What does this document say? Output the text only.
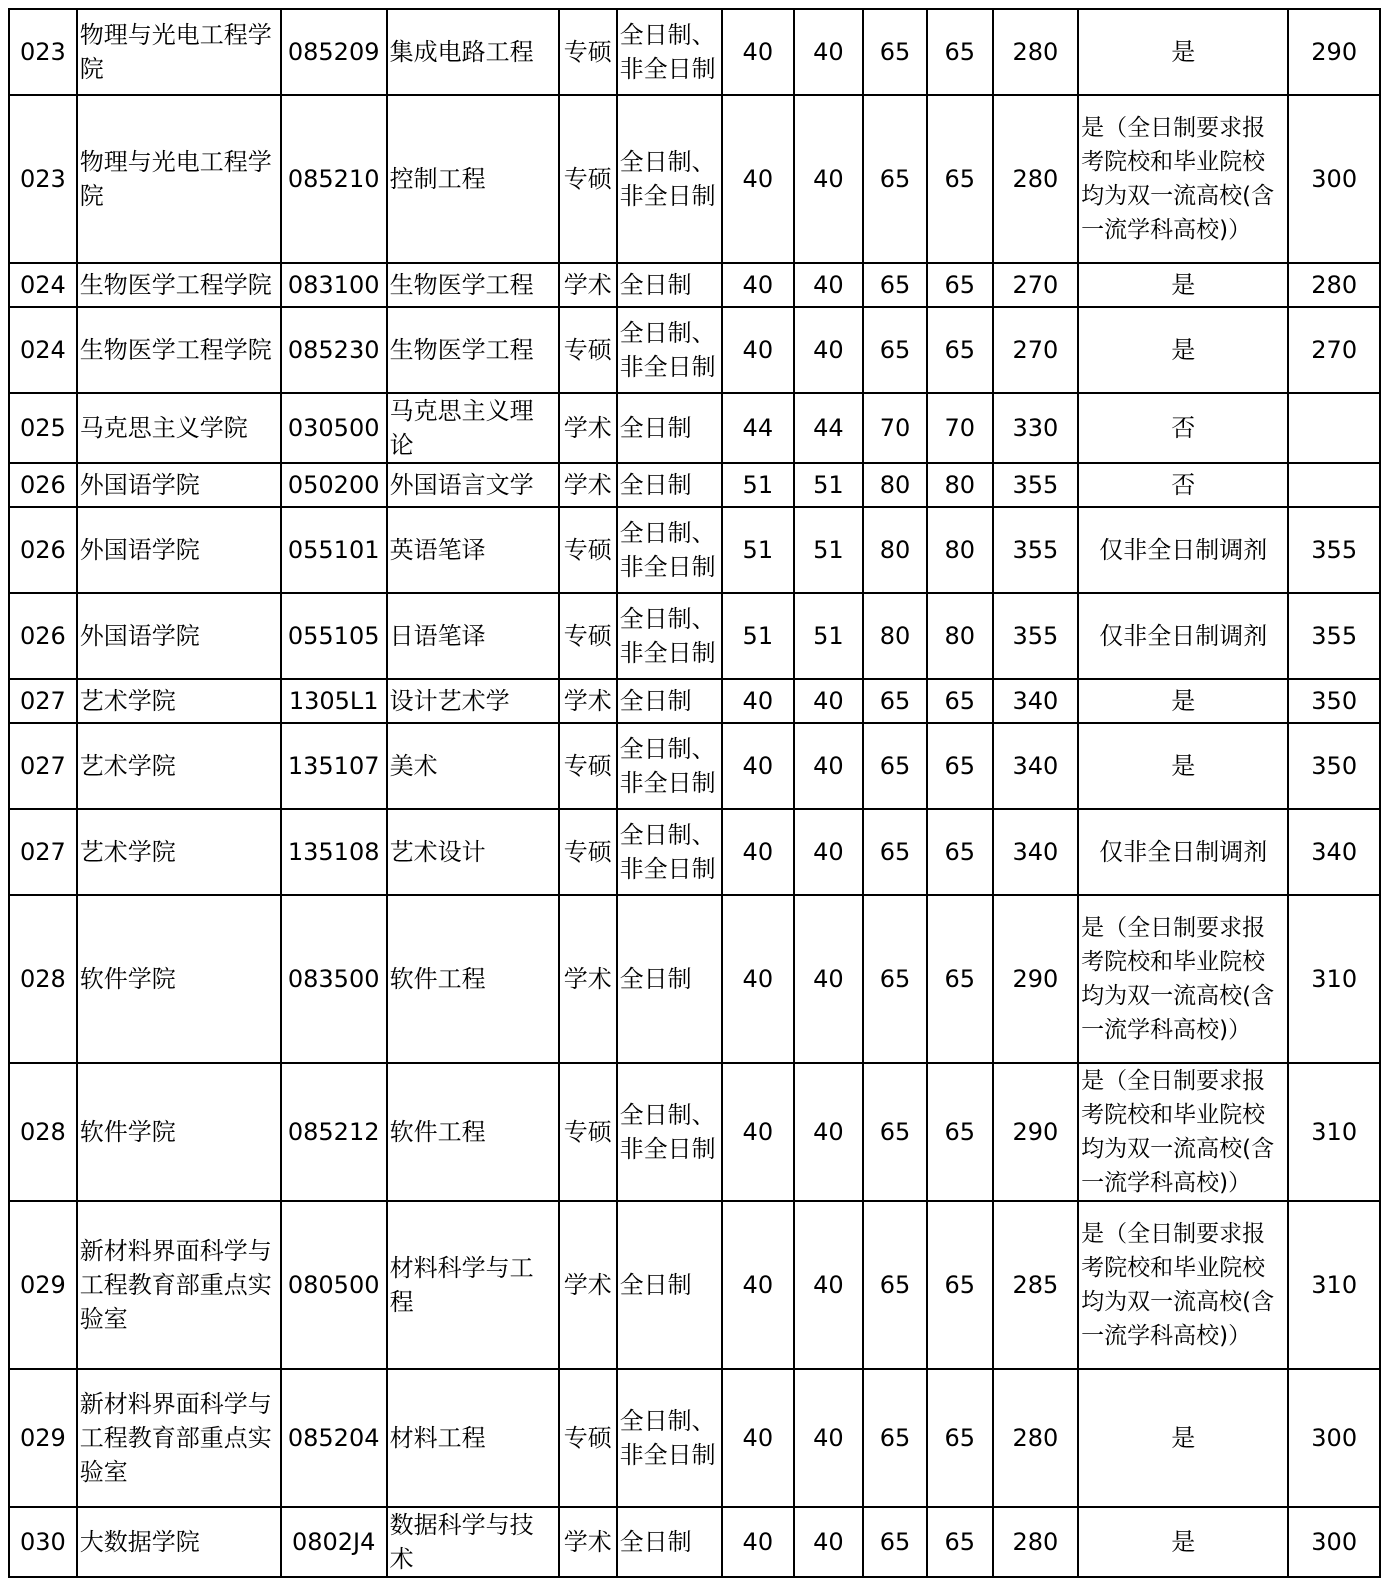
023	物理与光电工程学院	085209	集成电路工程	专硕	全日制、非全日制	40	40	65	65	280	是	290
023	物理与光电工程学院	085210	控制工程	专硕	全日制、非全日制	40	40	65	65	280	是（全日制要求报考院校和毕业院校均为双一流高校(含一流学科高校)）	300
024	生物医学工程学院	083100	生物医学工程	学术	全日制	40	40	65	65	270	是	280
024	生物医学工程学院	085230	生物医学工程	专硕	全日制、非全日制	40	40	65	65	270	是	270
025	马克思主义学院	030500	马克思主义理论	学术	全日制	44	44	70	70	330	否	
026	外国语学院	050200	外国语言文学	学术	全日制	51	51	80	80	355	否	
026	外国语学院	055101	英语笔译	专硕	全日制、非全日制	51	51	80	80	355	仅非全日制调剂	355
026	外国语学院	055105	日语笔译	专硕	全日制、非全日制	51	51	80	80	355	仅非全日制调剂	355
027	艺术学院	1305L1	设计艺术学	学术	全日制	40	40	65	65	340	是	350
027	艺术学院	135107	美术	专硕	全日制、非全日制	40	40	65	65	340	是	350
027	艺术学院	135108	艺术设计	专硕	全日制、非全日制	40	40	65	65	340	仅非全日制调剂	340
028	软件学院	083500	软件工程	学术	全日制	40	40	65	65	290	是（全日制要求报考院校和毕业院校均为双一流高校(含一流学科高校)）	310
028	软件学院	085212	软件工程	专硕	全日制、非全日制	40	40	65	65	290	是（全日制要求报考院校和毕业院校均为双一流高校(含一流学科高校)）	310
029	新材料界面科学与工程教育部重点实验室	080500	材料科学与工程	学术	全日制	40	40	65	65	285	是（全日制要求报考院校和毕业院校均为双一流高校(含一流学科高校)）	310
029	新材料界面科学与工程教育部重点实验室	085204	材料工程	专硕	全日制、非全日制	40	40	65	65	280	是	300
030	大数据学院	0802J4	数据科学与技术	学术	全日制	40	40	65	65	280	是	300
